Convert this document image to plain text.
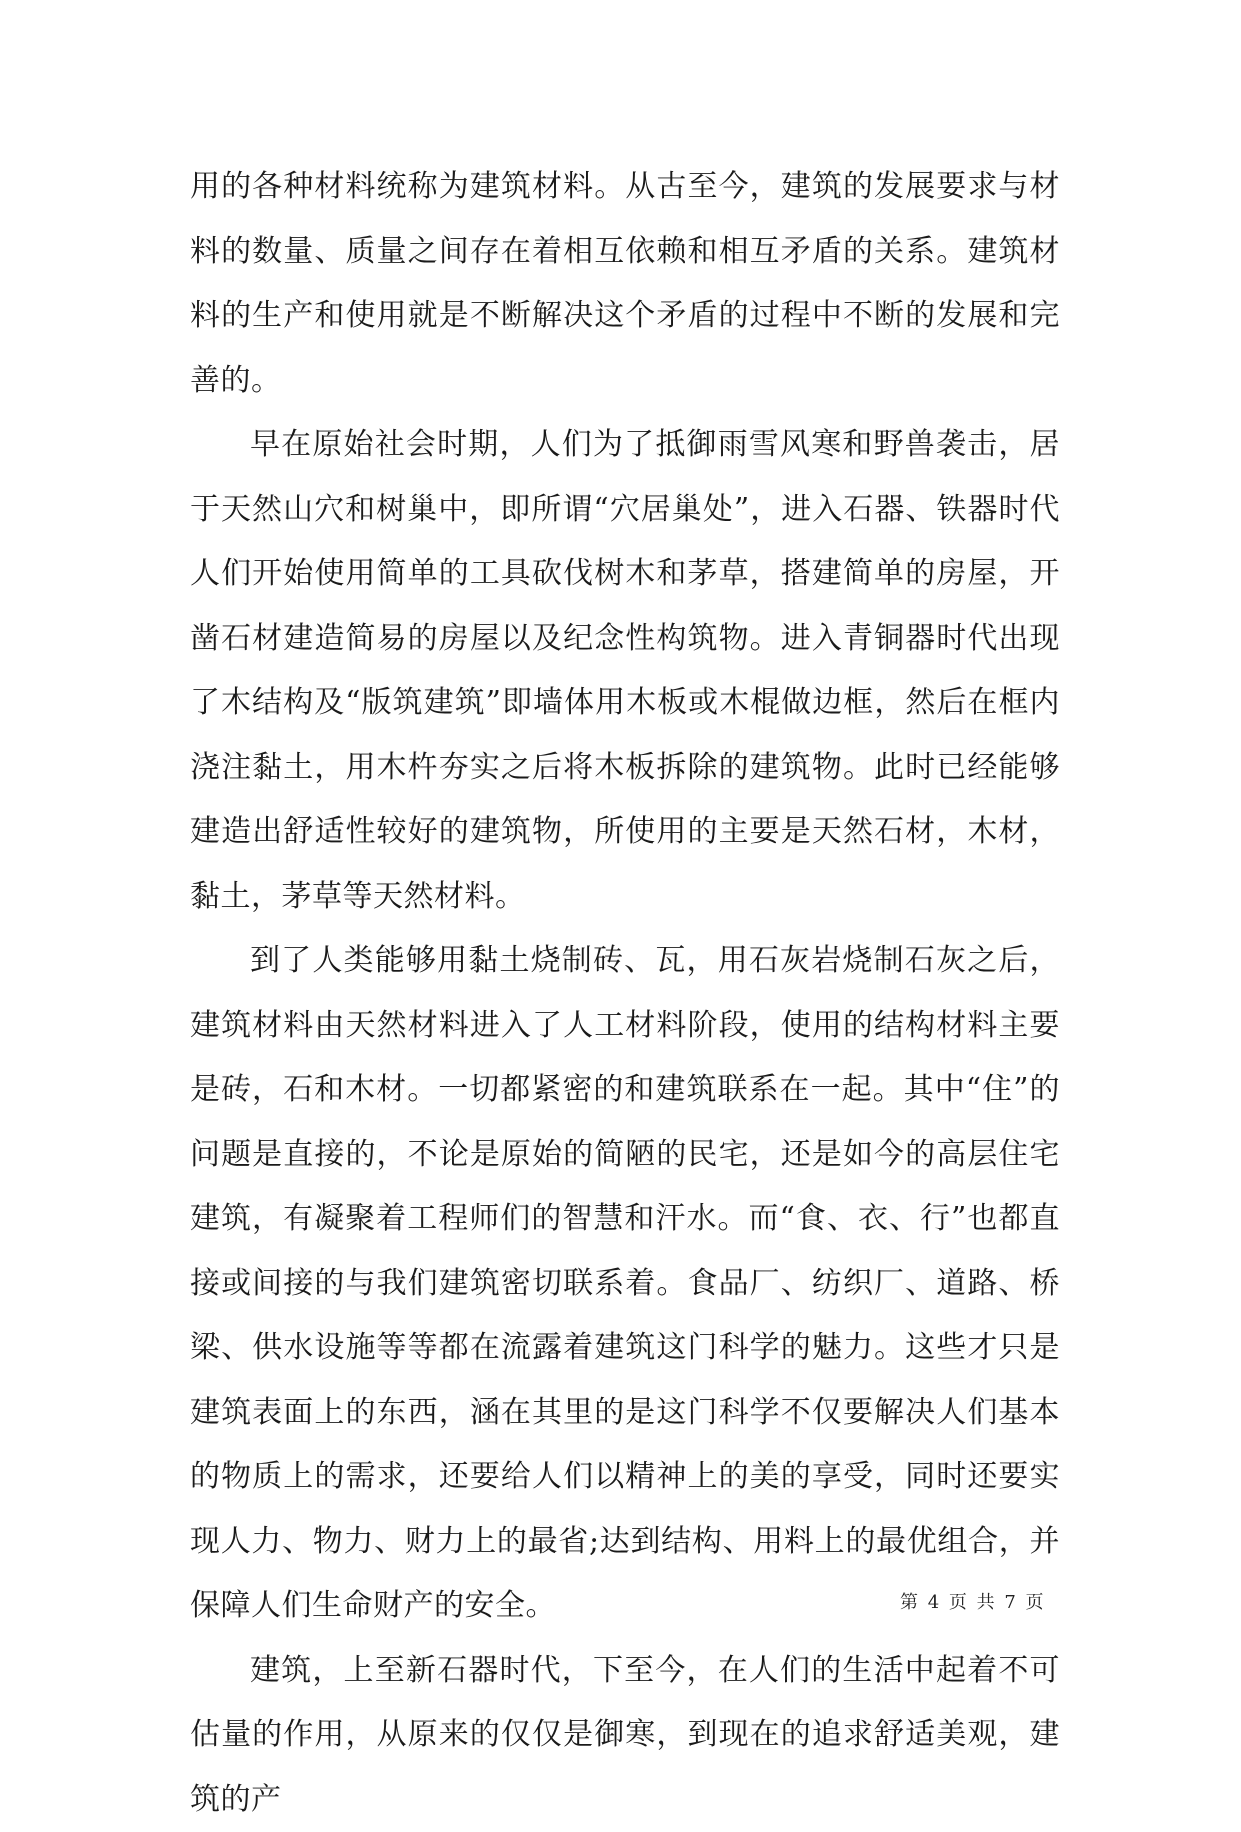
用的各种材料统称为建筑材料。从古至今，建筑的发展要求与材料的数量、质量之间存在着相互依赖和相互矛盾的关系。建筑材料的生产和使用就是不断解决这个矛盾的过程中不断的发展和完善的。

早在原始社会时期，人们为了抵御雨雪风寒和野兽袭击，居于天然山穴和树巢中，即所谓“穴居巢处”，进入石器、铁器时代人们开始使用简单的工具砍伐树木和茅草，搭建简单的房屋，开凿石材建造简易的房屋以及纪念性构筑物。进入青铜器时代出现了木结构及“版筑建筑”即墙体用木板或木棍做边框，然后在框内浇注黏土，用木杵夯实之后将木板拆除的建筑物。此时已经能够建造出舒适性较好的建筑物，所使用的主要是天然石材，木材，黏土，茅草等天然材料。

到了人类能够用黏土烧制砖、瓦，用石灰岩烧制石灰之后，建筑材料由天然材料进入了人工材料阶段，使用的结构材料主要是砖，石和木材。一切都紧密的和建筑联系在一起。其中“住”的问题是直接的，不论是原始的简陋的民宅，还是如今的高层住宅建筑，有凝聚着工程师们的智慧和汗水。而“食、衣、行”也都直接或间接的与我们建筑密切联系着。食品厂、纺织厂、道路、桥梁、供水设施等等都在流露着建筑这门科学的魅力。这些才只是建筑表面上的东西，涵在其里的是这门科学不仅要解决人们基本的物质上的需求，还要给人们以精神上的美的享受，同时还要实现人力、物力、财力上的最省;达到结构、用料上的最优组合，并保障人们生命财产的安全。

建筑，上至新石器时代，下至今，在人们的生活中起着不可估量的作用，从原来的仅仅是御寒，到现在的追求舒适美观，建筑的产

第 4 页 共 7 页
